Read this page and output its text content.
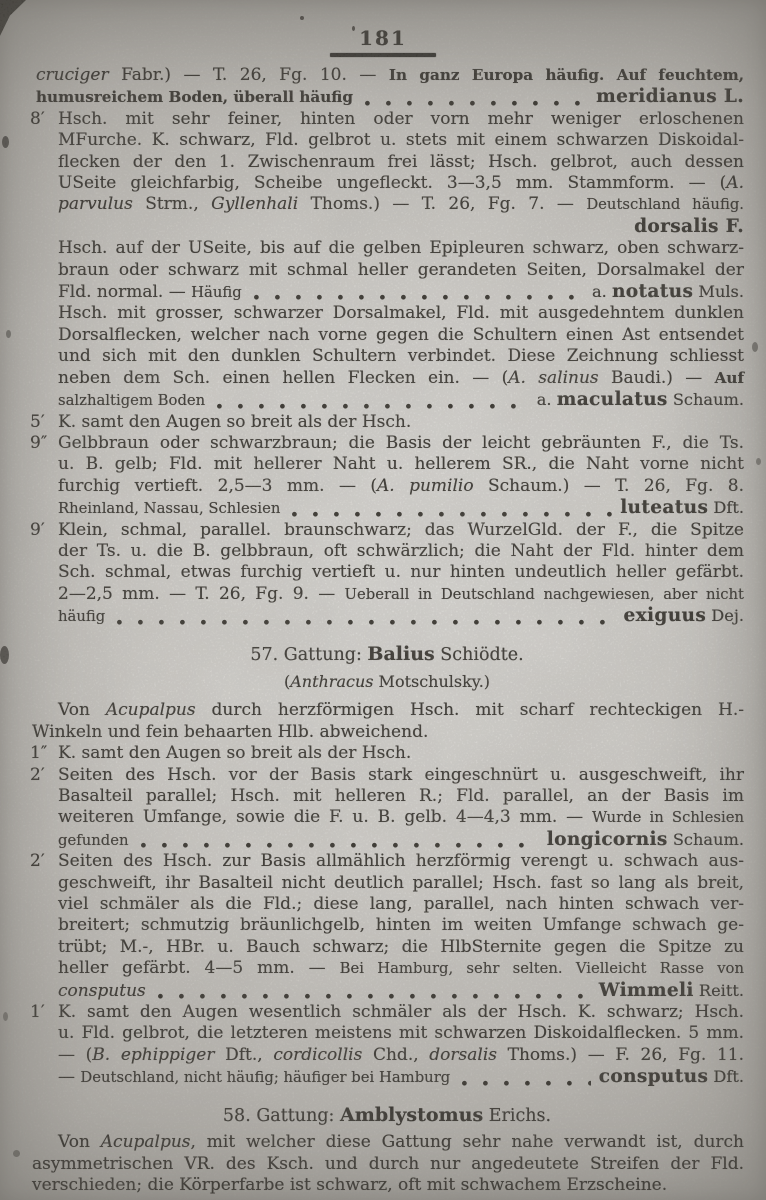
181
cruciger Fabr.) — T. 26, Fg. 10. — In ganz Europa häufig. Auf feuchtem,
humusreichem Boden, überall häufig	meridianus L.
8′ Hsch. mit sehr feiner, hinten oder vorn mehr weniger erloschenen
MFurche. K. schwarz, Fld. gelbrot u. stets mit einem schwarzen Diskoidal-
flecken der den 1. Zwischenraum frei lässt; Hsch. gelbrot, auch dessen
USeite gleichfarbig, Scheibe ungefleckt. 3—3,5 mm. Stammform. — (A.
parvulus Strm., Gyllenhali Thoms.) — T. 26, Fg. 7. — Deutschland häufig.
dorsalis F.
Hsch. auf der USeite, bis auf die gelben Epipleuren schwarz, oben schwarz-
braun oder schwarz mit schmal heller gerandeten Seiten, Dorsalmakel der
Fld. normal. — Häufig	a. notatus Muls.
Hsch. mit grosser, schwarzer Dorsalmakel, Fld. mit ausgedehntem dunklen
Dorsalflecken, welcher nach vorne gegen die Schultern einen Ast entsendet
und sich mit den dunklen Schultern verbindet. Diese Zeichnung schliesst
neben dem Sch. einen hellen Flecken ein. — (A. salinus Baudi.) — Auf
salzhaltigem Boden	a. maculatus Schaum.
5′ K. samt den Augen so breit als der Hsch.
9″ Gelbbraun oder schwarzbraun; die Basis der leicht gebräunten F., die Ts.
u. B. gelb; Fld. mit hellerer Naht u. hellerem SR., die Naht vorne nicht
furchig vertieft. 2,5—3 mm. — (A. pumilio Schaum.) — T. 26, Fg. 8.
Rheinland, Nassau, Schlesien	luteatus Dft.
9′ Klein, schmal, parallel. braunschwarz; das WurzelGld. der F., die Spitze
der Ts. u. die B. gelbbraun, oft schwärzlich; die Naht der Fld. hinter dem
Sch. schmal, etwas furchig vertieft u. nur hinten undeutlich heller gefärbt.
2—2,5 mm. — T. 26, Fg. 9. — Ueberall in Deutschland nachgewiesen, aber nicht
häufig	exiguus Dej.
57. Gattung: Balius Schiödte.
(Anthracus Motschulsky.)
Von Acupalpus durch herzförmigen Hsch. mit scharf rechteckigen H.-
Winkeln und fein behaarten Hlb. abweichend.
1″ K. samt den Augen so breit als der Hsch.
2′ Seiten des Hsch. vor der Basis stark eingeschnürt u. ausgeschweift, ihr
Basalteil parallel; Hsch. mit helleren R.; Fld. parallel, an der Basis im
weiteren Umfange, sowie die F. u. B. gelb. 4—4,3 mm. — Wurde in Schlesien
gefunden	longicornis Schaum.
2′ Seiten des Hsch. zur Basis allmählich herzförmig verengt u. schwach aus-
geschweift, ihr Basalteil nicht deutlich parallel; Hsch. fast so lang als breit,
viel schmäler als die Fld.; diese lang, parallel, nach hinten schwach ver-
breitert; schmutzig bräunlichgelb, hinten im weiten Umfange schwach ge-
trübt; M.-, HBr. u. Bauch schwarz; die HlbSternite gegen die Spitze zu
heller gefärbt. 4—5 mm. — Bei Hamburg, sehr selten. Vielleicht Rasse von
consputus	Wimmeli Reitt.
1′ K. samt den Augen wesentlich schmäler als der Hsch. K. schwarz; Hsch.
u. Fld. gelbrot, die letzteren meistens mit schwarzen Diskoidalflecken. 5 mm.
— (B. ephippiger Dft., cordicollis Chd., dorsalis Thoms.) — F. 26, Fg. 11.
— Deutschland, nicht häufig; häufiger bei Hamburg	consputus Dft.
58. Gattung: Amblystomus Erichs.
Von Acupalpus, mit welcher diese Gattung sehr nahe verwandt ist, durch
asymmetrischen VR. des Ksch. und durch nur angedeutete Streifen der Fld.
verschieden; die Körperfarbe ist schwarz, oft mit schwachem Erzscheine.
